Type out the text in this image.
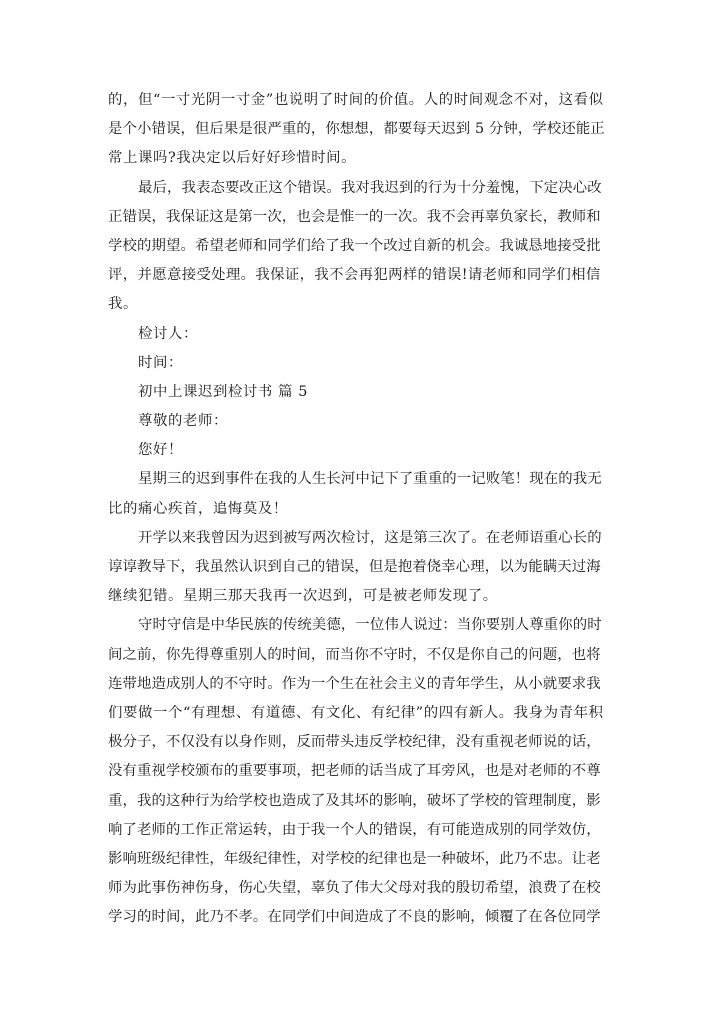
的，但“一寸光阴一寸金”也说明了时间的价值。人的时间观念不对，这看似
是个小错误，但后果是很严重的，你想想，都要每天迟到 5 分钟，学校还能正
常上课吗?我决定以后好好珍惜时间。
最后，我表态要改正这个错误。我对我迟到的行为十分羞愧，下定决心改
正错误，我保证这是第一次，也会是惟一的一次。我不会再辜负家长，教师和
学校的期望。希望老师和同学们给了我一个改过自新的机会。我诚恳地接受批
评，并愿意接受处理。我保证，我不会再犯两样的错误!请老师和同学们相信
我。
检讨人：
时间：
初中上课迟到检讨书 篇 5
尊敬的老师：
您好！
星期三的迟到事件在我的人生长河中记下了重重的一记败笔！现在的我无
比的痛心疾首，追悔莫及！
开学以来我曾因为迟到被写两次检讨，这是第三次了。在老师语重心长的
谆谆教导下，我虽然认识到自己的错误，但是抱着侥幸心理，以为能瞒天过海
继续犯错。星期三那天我再一次迟到，可是被老师发现了。
守时守信是中华民族的传统美德，一位伟人说过：当你要别人尊重你的时
间之前，你先得尊重别人的时间，而当你不守时，不仅是你自己的问题，也将
连带地造成别人的不守时。作为一个生在社会主义的青年学生，从小就要求我
们要做一个“有理想、有道德、有文化、有纪律”的四有新人。我身为青年积
极分子，不仅没有以身作则，反而带头违反学校纪律，没有重视老师说的话，
没有重视学校颁布的重要事项，把老师的话当成了耳旁风，也是对老师的不尊
重，我的这种行为给学校也造成了及其坏的影响，破坏了学校的管理制度，影
响了老师的工作正常运转，由于我一个人的错误，有可能造成别的同学效仿，
影响班级纪律性，年级纪律性，对学校的纪律也是一种破坏，此乃不忠。让老
师为此事伤神伤身，伤心失望，辜负了伟大父母对我的殷切希望，浪费了在校
学习的时间，此乃不孝。在同学们中间造成了不良的影响，倾覆了在各位同学
